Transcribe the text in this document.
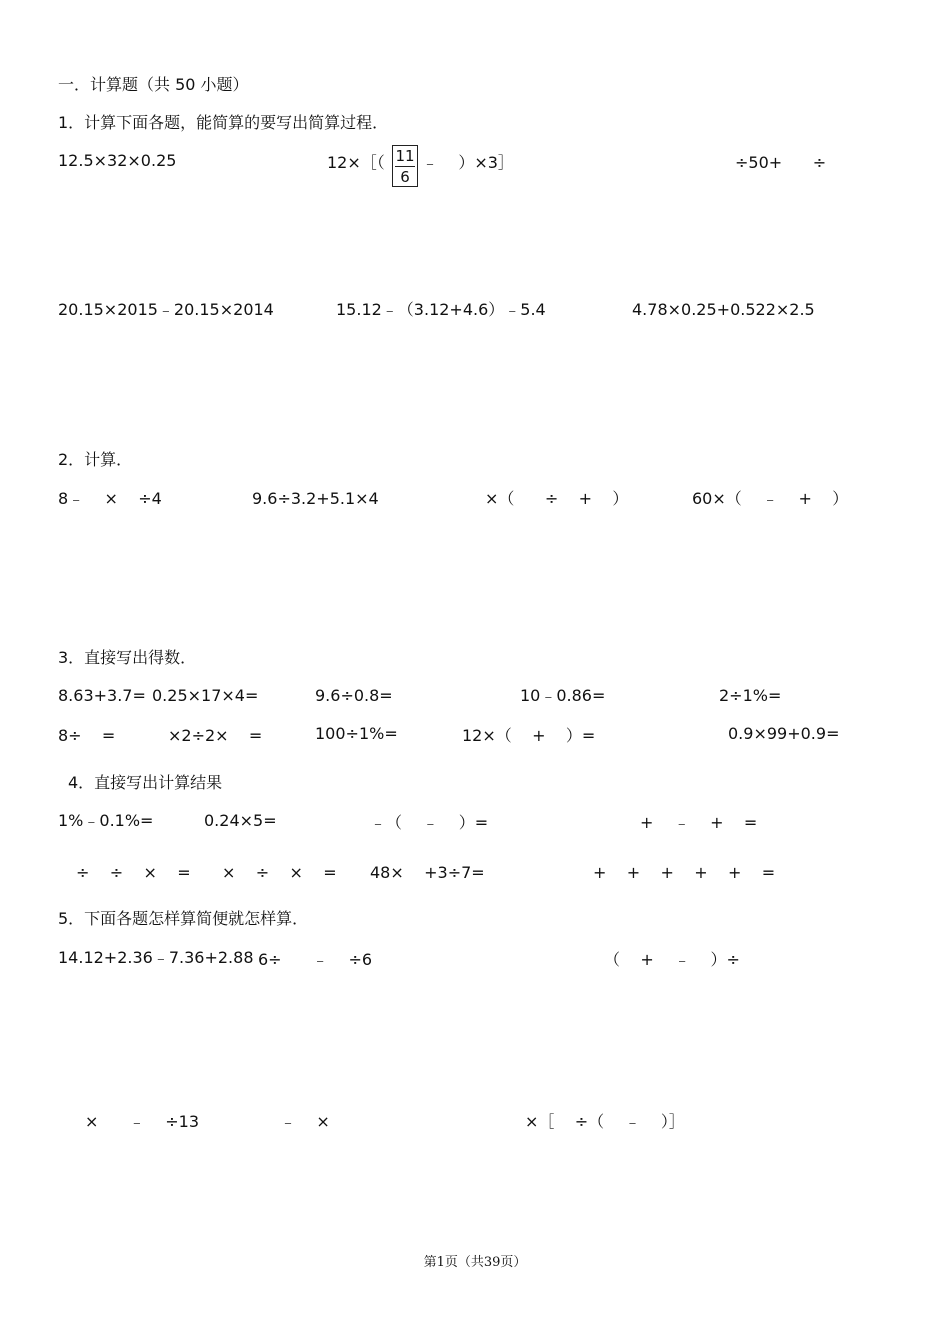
一．计算题（共 50 小题）
1．计算下面各题，能简算的要写出简算过程．
12.5×32×0.25	12×［（ 11
6
﹣    ）×3］	÷50+      ÷
20.15×2015﹣20.15×2014	15.12﹣（3.12+4.6）﹣5.4	4.78×0.25+0.522×2.5
2．计算．
8﹣    ×    ÷4	9.6÷3.2+5.1×4	×（      ÷    +    ）	60×（    ﹣    +    ）
3．直接写出得数．
8.63+3.7= 0.25×17×4=	9.6÷0.8=	10﹣0.86=	2÷1%=
8÷    =	×2÷2×    =	100÷1%=	12×（    +    ）=	0.9×99+0.9=
4．直接写出计算结果
1%﹣0.1%=	0.24×5=	﹣（    ﹣    ）=	+    ﹣    +    =
÷    ÷    ×    = ×    ÷    ×    = 48×    +3÷7=	+    +    +    +    +    =
5．下面各题怎样算简便就怎样算．
14.12+2.36﹣7.36+2.88 6÷      ﹣    ÷6	（    +    ﹣    ）÷
×      ﹣    ÷13	﹣    ×	×［    ÷（    ﹣    ）］
第1页（共39页）
